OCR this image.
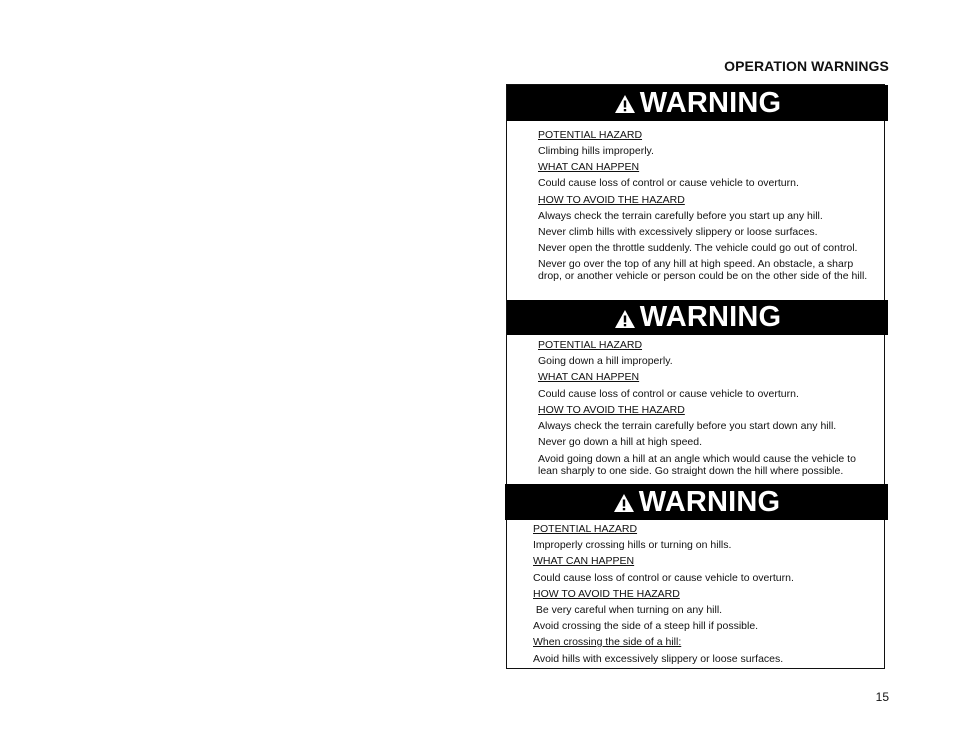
OPERATION WARNINGS
WARNING
POTENTIAL HAZARD
Climbing hills improperly.
WHAT CAN HAPPEN
Could cause loss of control or cause vehicle to overturn.
HOW TO AVOID THE HAZARD
Always check the terrain carefully before you start up any hill.
Never climb hills with excessively slippery or loose surfaces.
Never open the throttle suddenly. The vehicle could go out of control.
Never go over the top of any hill at high speed. An obstacle, a sharp drop, or another vehicle or person could be on the other side of the hill.
WARNING
POTENTIAL HAZARD
Going down a hill improperly.
WHAT CAN HAPPEN
Could cause loss of control or cause vehicle to overturn.
HOW TO AVOID THE HAZARD
Always check the terrain carefully before you start down any hill.
Never go down a hill at high speed.
Avoid going down a hill at an angle which would cause the vehicle to lean sharply to one side. Go straight down the hill where possible.
WARNING
POTENTIAL HAZARD
Improperly crossing hills or turning on hills.
WHAT CAN HAPPEN
Could cause loss of control or cause vehicle to overturn.
HOW TO AVOID THE HAZARD
Be very careful when turning on any hill.
Avoid crossing the side of a steep hill if possible.
When crossing the side of a hill:
Avoid hills with excessively slippery or loose surfaces.
15
